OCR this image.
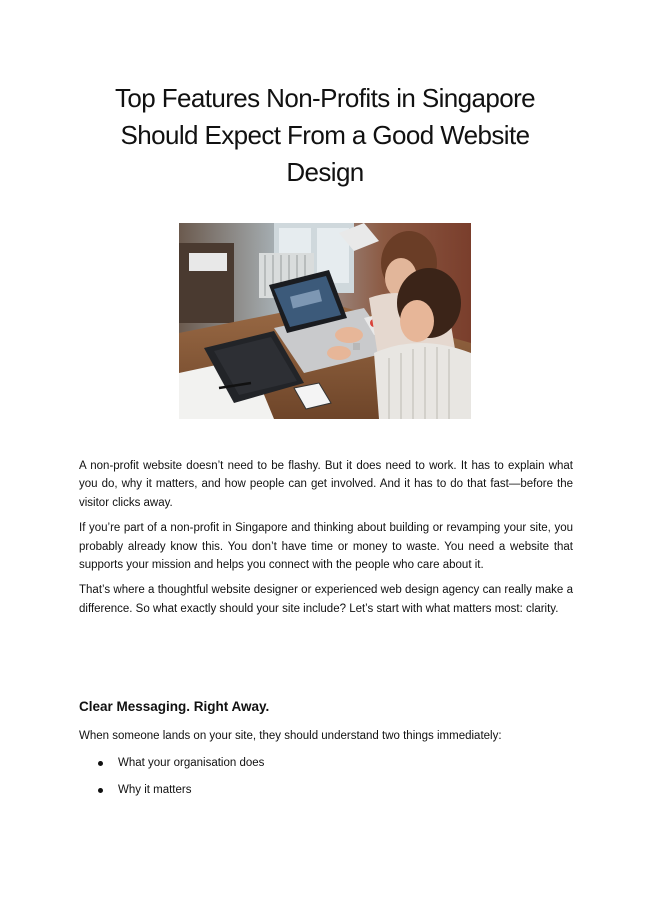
Top Features Non-Profits in Singapore Should Expect From a Good Website Design

A non-profit website doesn’t need to be flashy. But it does need to work. It has to explain what you do, why it matters, and how people can get involved. And it has to do that fast—before the visitor clicks away.

If you’re part of a non-profit in Singapore and thinking about building or revamping your site, you probably already know this. You don’t have time or money to waste. You need a website that supports your mission and helps you connect with the people who care about it.

That’s where a thoughtful website designer or experienced web design agency can really make a difference. So what exactly should your site include? Let’s start with what matters most: clarity.

Clear Messaging. Right Away.

When someone lands on your site, they should understand two things immediately:

What your organisation does
Why it matters
